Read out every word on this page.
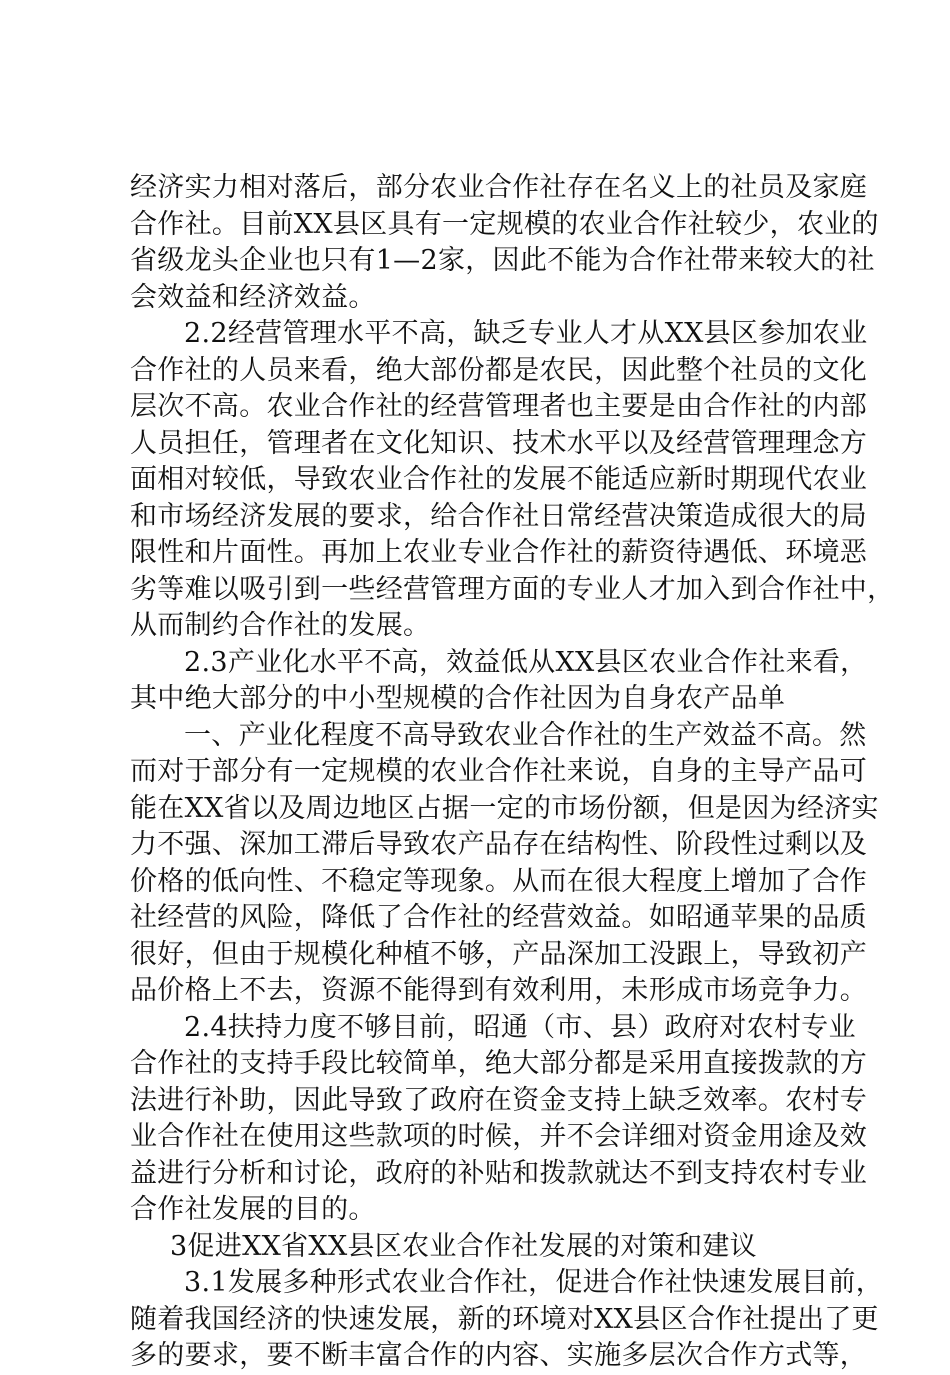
经济实力相对落后，部分农业合作社存在名义上的社员及家庭
合作社。目前XX县区具有一定规模的农业合作社较少，农业的
省级龙头企业也只有1—2家，因此不能为合作社带来较大的社
会效益和经济效益。
2.2经营管理水平不高，缺乏专业人才从XX县区参加农业
合作社的人员来看，绝大部份都是农民，因此整个社员的文化
层次不高。农业合作社的经营管理者也主要是由合作社的内部
人员担任，管理者在文化知识、技术水平以及经营管理理念方
面相对较低，导致农业合作社的发展不能适应新时期现代农业
和市场经济发展的要求，给合作社日常经营决策造成很大的局
限性和片面性。再加上农业专业合作社的薪资待遇低、环境恶
劣等难以吸引到一些经营管理方面的专业人才加入到合作社中，
从而制约合作社的发展。
2.3产业化水平不高，效益低从XX县区农业合作社来看，
其中绝大部分的中小型规模的合作社因为自身农产品单
一、产业化程度不高导致农业合作社的生产效益不高。然
而对于部分有一定规模的农业合作社来说，自身的主导产品可
能在XX省以及周边地区占据一定的市场份额，但是因为经济实
力不强、深加工滞后导致农产品存在结构性、阶段性过剩以及
价格的低向性、不稳定等现象。从而在很大程度上增加了合作
社经营的风险，降低了合作社的经营效益。如昭通苹果的品质
很好，但由于规模化种植不够，产品深加工没跟上，导致初产
品价格上不去，资源不能得到有效利用，未形成市场竞争力。
2.4扶持力度不够目前，昭通（市、县）政府对农村专业
合作社的支持手段比较简单，绝大部分都是采用直接拨款的方
法进行补助，因此导致了政府在资金支持上缺乏效率。农村专
业合作社在使用这些款项的时候，并不会详细对资金用途及效
益进行分析和讨论，政府的补贴和拨款就达不到支持农村专业
合作社发展的目的。
3促进XX省XX县区农业合作社发展的对策和建议
3.1发展多种形式农业合作社，促进合作社快速发展目前，
随着我国经济的快速发展，新的环境对XX县区合作社提出了更
多的要求，要不断丰富合作的内容、实施多层次合作方式等，
